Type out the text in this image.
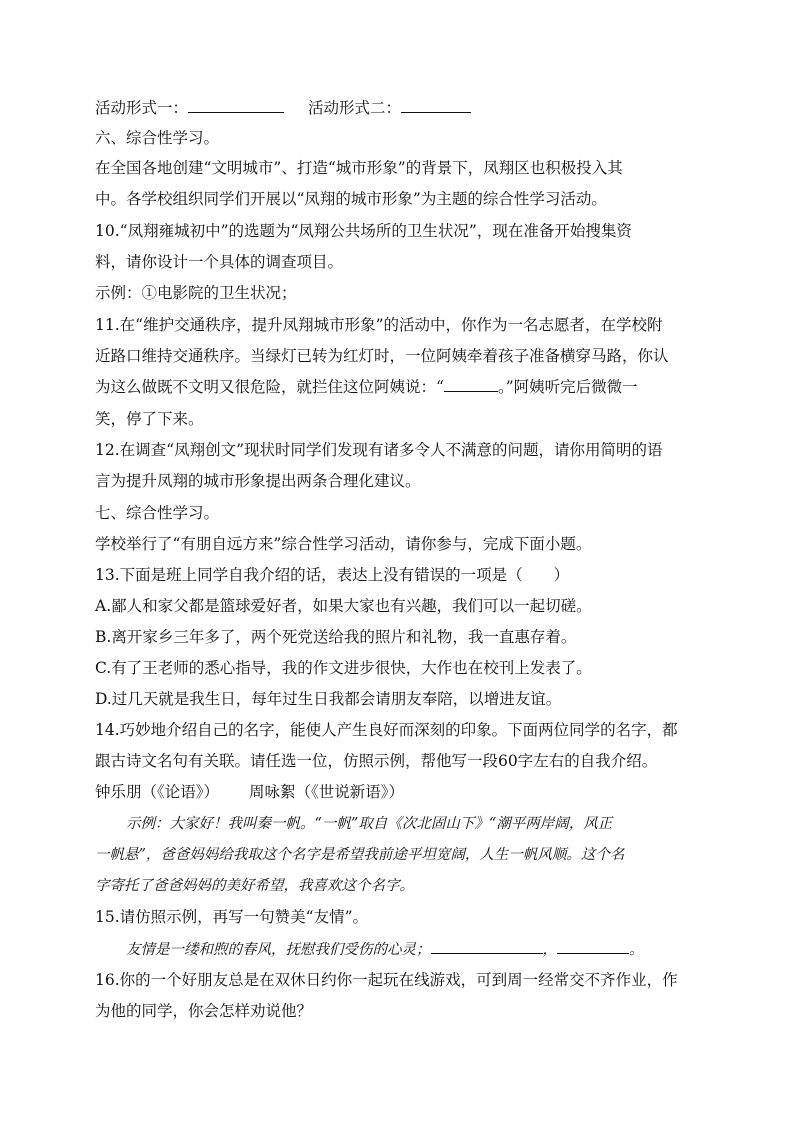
活动形式一：	活动形式二：
六、综合性学习。
在全国各地创建“文明城市”、打造“城市形象”的背景下，凤翔区也积极投入其
中。各学校组织同学们开展以“凤翔的城市形象”为主题的综合性学习活动。
10.“凤翔雍城初中”的选题为“凤翔公共场所的卫生状况”，现在准备开始搜集资
料，请你设计一个具体的调查项目。
示例：①电影院的卫生状况；
11.在“维护交通秩序，提升凤翔城市形象”的活动中，你作为一名志愿者，在学校附
近路口维持交通秩序。当绿灯已转为红灯时，一位阿姨牵着孩子准备横穿马路，你认
为这么做既不文明又很危险，就拦住这位阿姨说：“	。”阿姨听完后微微一
笑，停了下来。
12.在调查“凤翔创文”现状时同学们发现有诸多令人不满意的问题，请你用简明的语
言为提升凤翔的城市形象提出两条合理化建议。
七、综合性学习。
学校举行了“有朋自远方来”综合性学习活动，请你参与，完成下面小题。
13.下面是班上同学自我介绍的话，表达上没有错误的一项是（　　）
A.鄙人和家父都是篮球爱好者，如果大家也有兴趣，我们可以一起切磋。
B.离开家乡三年多了，两个死党送给我的照片和礼物，我一直惠存着。
C.有了王老师的悉心指导，我的作文进步很快，大作也在校刊上发表了。
D.过几天就是我生日，每年过生日我都会请朋友奉陪，以增进友谊。
14.巧妙地介绍自己的名字，能使人产生良好而深刻的印象。下面两位同学的名字，都
跟古诗文名句有关联。请任选一位，仿照示例，帮他写一段60字左右的自我介绍。
钟乐朋（《论语》） 周咏絮（《世说新语》）
示例：大家好！我叫秦一帆。“一帆”取自《次北固山下》“潮平两岸阔，风正
一帆悬”，爸爸妈妈给我取这个名字是希望我前途平坦宽阔，人生一帆风顺。这个名
字寄托了爸爸妈妈的美好希望，我喜欢这个名字。
15.请仿照示例，再写一句赞美“友情”。
友情是一缕和煦的春风，抚慰我们受伤的心灵；	，	。
16.你的一个好朋友总是在双休日约你一起玩在线游戏，可到周一经常交不齐作业，作
为他的同学，你会怎样劝说他？
